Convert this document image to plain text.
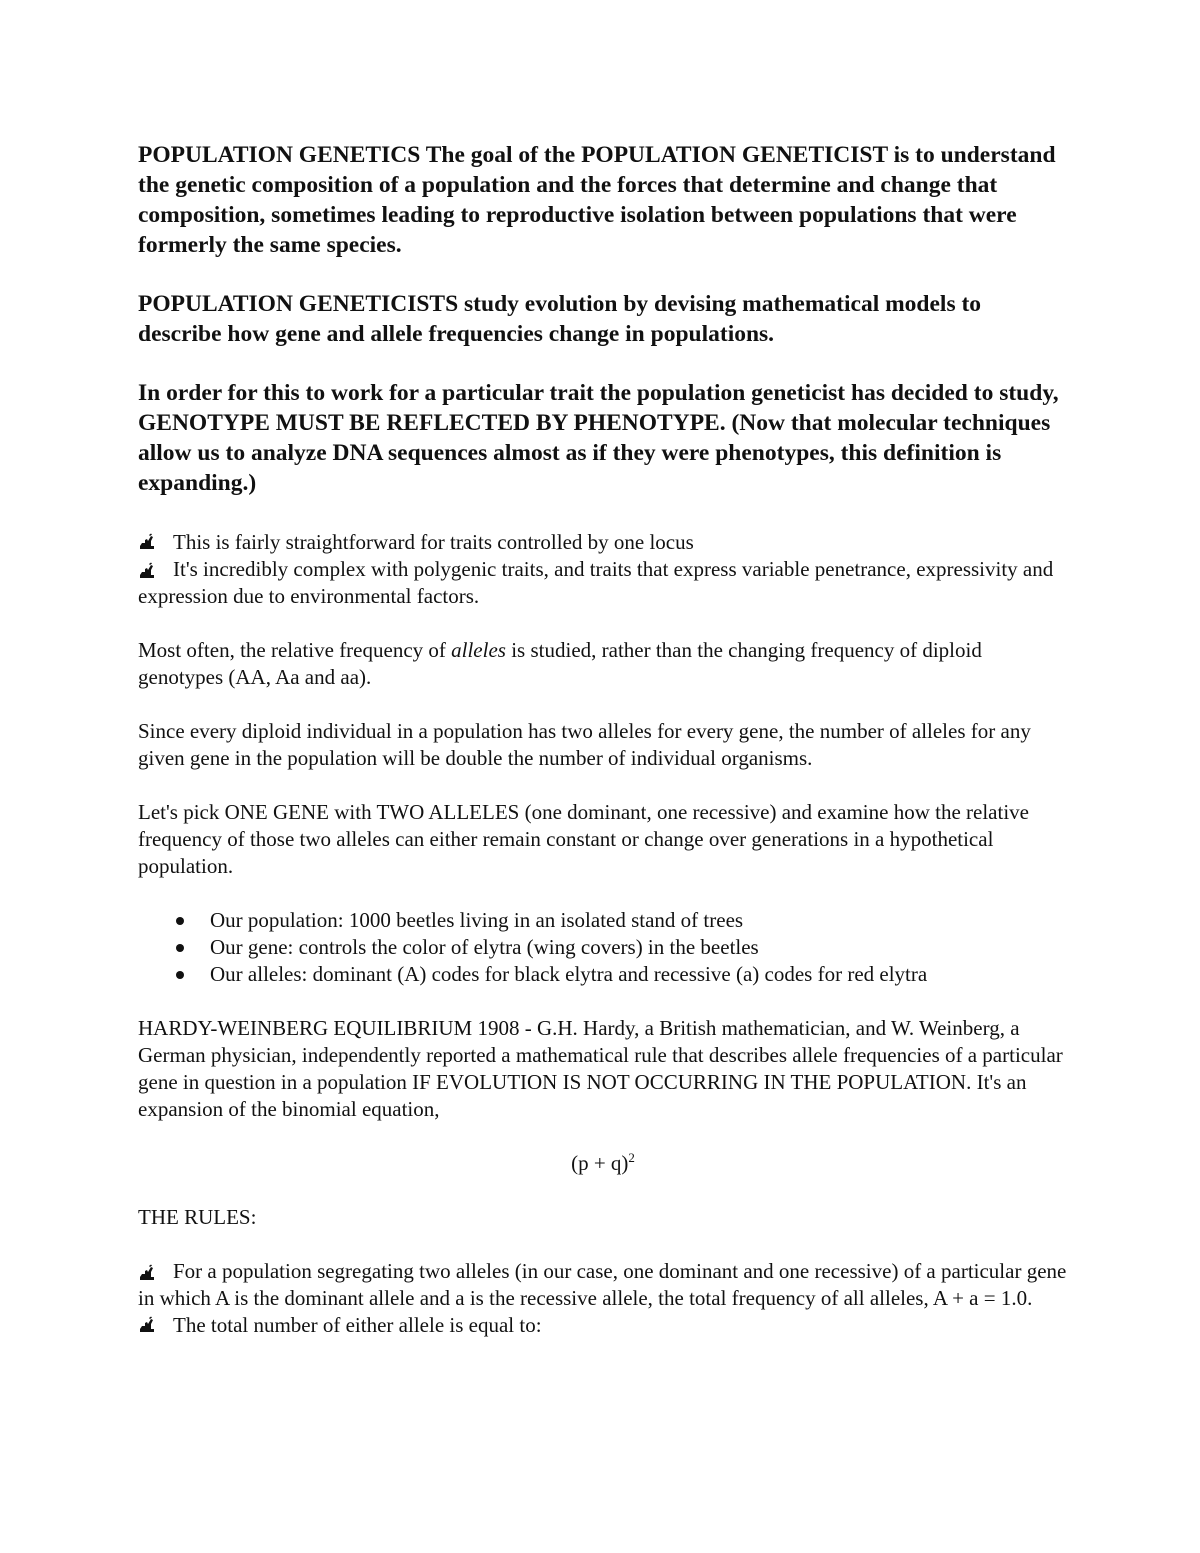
POPULATION GENETICS The goal of the POPULATION GENETICIST is to understand the genetic composition of a population and the forces that determine and change that composition, sometimes leading to reproductive isolation between populations that were formerly the same species.

POPULATION GENETICISTS study evolution by devising mathematical models to describe how gene and allele frequencies change in populations.

In order for this to work for a particular trait the population geneticist has decided to study, GENOTYPE MUST BE REFLECTED BY PHENOTYPE. (Now that molecular techniques allow us to analyze DNA sequences almost as if they were phenotypes, this definition is expanding.)

This is fairly straightforward for traits controlled by one locus
It's incredibly complex with polygenic traits, and traits that express variable penetrance, expressivity and expression due to environmental factors.

Most often, the relative frequency of alleles is studied, rather than the changing frequency of diploid genotypes (AA, Aa and aa).

Since every diploid individual in a population has two alleles for every gene, the number of alleles for any given gene in the population will be double the number of individual organisms.

Let's pick ONE GENE with TWO ALLELES (one dominant, one recessive) and examine how the relative frequency of those two alleles can either remain constant or change over generations in a hypothetical population.

Our population: 1000 beetles living in an isolated stand of trees
Our gene: controls the color of elytra (wing covers) in the beetles
Our alleles: dominant (A) codes for black elytra and recessive (a) codes for red elytra

HARDY-WEINBERG EQUILIBRIUM 1908 - G.H. Hardy, a British mathematician, and W. Weinberg, a German physician, independently reported a mathematical rule that describes allele frequencies of a particular gene in question in a population IF EVOLUTION IS NOT OCCURRING IN THE POPULATION. It's an expansion of the binomial equation,

$(p + q)^2$

THE RULES:

For a population segregating two alleles (in our case, one dominant and one recessive) of a particular gene in which A is the dominant allele and a is the recessive allele, the total frequency of all alleles, A + a = 1.0.
The total number of either allele is equal to:
